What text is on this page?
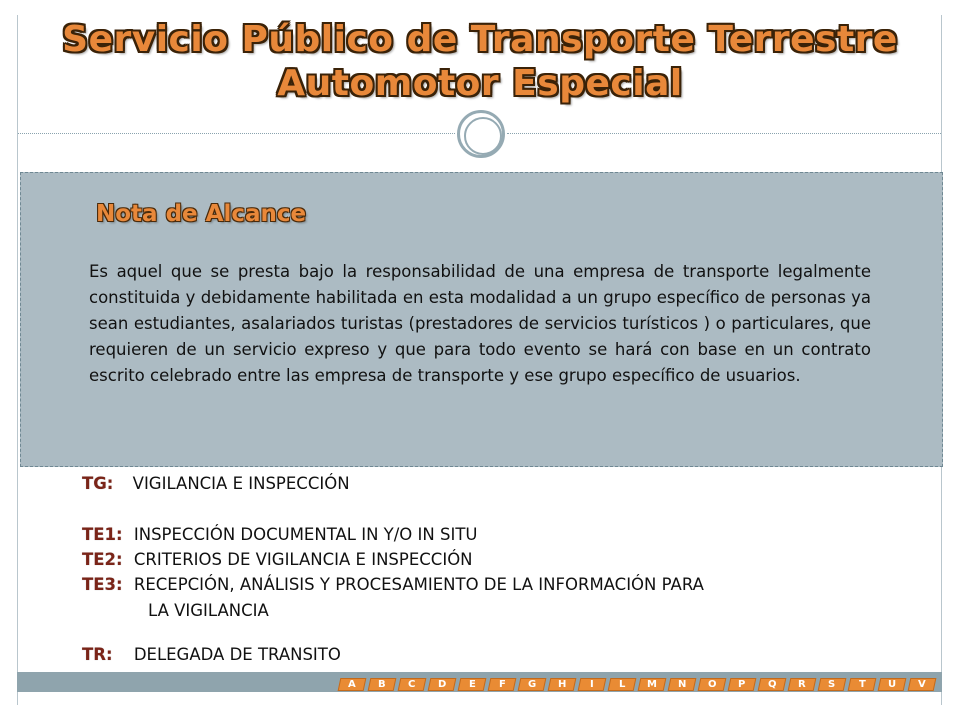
Servicio Público de Transporte Terrestre
Automotor Especial
Nota de Alcance

Es aquel que se presta bajo la responsabilidad de una empresa de transporte legalmente constituida y debidamente habilitada en esta modalidad a un grupo específico de personas ya sean estudiantes, asalariados turistas (prestadores de servicios turísticos ) o particulares, que requieren de un servicio expreso y que para todo evento se hará con base en un contrato escrito celebrado entre las empresa de transporte y ese grupo específico de usuarios.

TG: VIGILANCIA E INSPECCIÓN
TE1: INSPECCIÓN DOCUMENTAL IN Y/O IN SITU
TE2: CRITERIOS DE VIGILANCIA E INSPECCIÓN
TE3: RECEPCIÓN, ANÁLISIS Y PROCESAMIENTO DE LA INFORMACIÓN PARA
LA VIGILANCIA
TR: DELEGADA DE TRANSITO
A B C D E F G H I L M N O P Q R S T U V
